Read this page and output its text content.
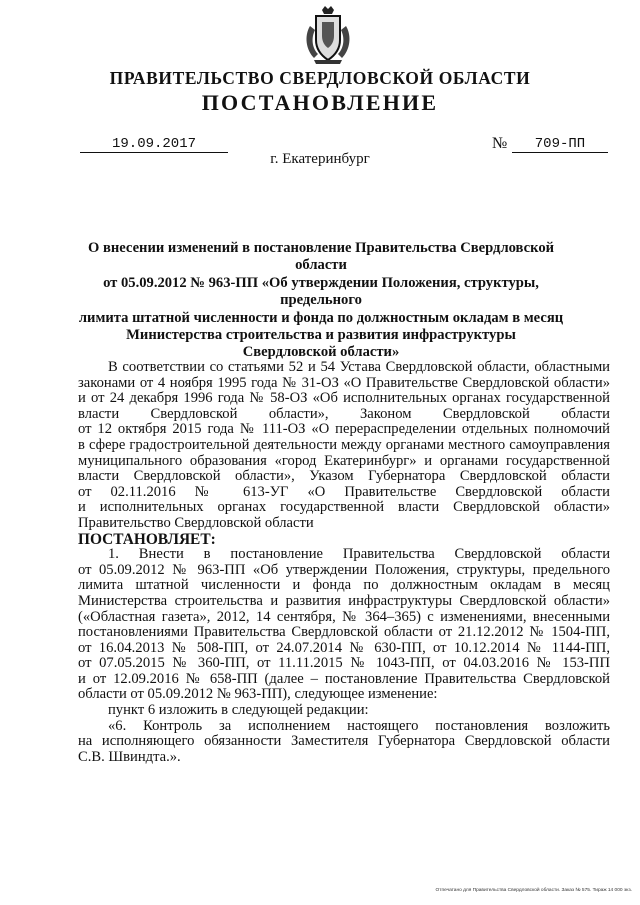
ПРАВИТЕЛЬСТВО СВЕРДЛОВСКОЙ ОБЛАСТИ
ПОСТАНОВЛЕНИЕ
19.09.2017	№	709-ПП
г. Екатеринбург
О внесении изменений в постановление Правительства Свердловской области
от 05.09.2012 № 963-ПП «Об утверждении Положения, структуры, предельного
лимита штатной численности и фонда по должностным окладам в месяц
Министерства строительства и развития инфраструктуры
Свердловской области»
В соответствии со статьями 52 и 54 Устава Свердловской области, областными
законами от 4 ноября 1995 года № 31-ОЗ «О Правительстве Свердловской области»
и от 24 декабря 1996 года № 58-ОЗ «Об исполнительных органах государственной
власти Свердловской области», Законом Свердловской области
от 12 октября 2015 года № 111-ОЗ «О перераспределении отдельных полномочий
в сфере градостроительной деятельности между органами местного самоуправления
муниципального образования «город Екатеринбург» и органами государственной
власти Свердловской области», Указом Губернатора Свердловской области
от 02.11.2016 № 613-УГ «О Правительстве Свердловской области
и исполнительных органах государственной власти Свердловской области»
Правительство Свердловской области
ПОСТАНОВЛЯЕТ:
1. Внести в постановление Правительства Свердловской области
от 05.09.2012 № 963-ПП «Об утверждении Положения, структуры, предельного
лимита штатной численности и фонда по должностным окладам в месяц
Министерства строительства и развития инфраструктуры Свердловской области»
(«Областная газета», 2012, 14 сентября, № 364–365) с изменениями, внесенными
постановлениями Правительства Свердловской области от 21.12.2012 № 1504-ПП,
от 16.04.2013 № 508-ПП, от 24.07.2014 № 630-ПП, от 10.12.2014 № 1144-ПП,
от 07.05.2015 № 360-ПП, от 11.11.2015 № 1043-ПП, от 04.03.2016 № 153-ПП
и от 12.09.2016 № 658-ПП (далее – постановление Правительства Свердловской
области от 05.09.2012 № 963-ПП), следующее изменение:
пункт 6 изложить в следующей редакции:
«6. Контроль за исполнением настоящего постановления возложить
на исполняющего обязанности Заместителя Губернатора Свердловской области
С.В. Швиндта.».
Отпечатано для Правительства Свердловской области. Заказ № 575. Тираж 14 000 экз.
